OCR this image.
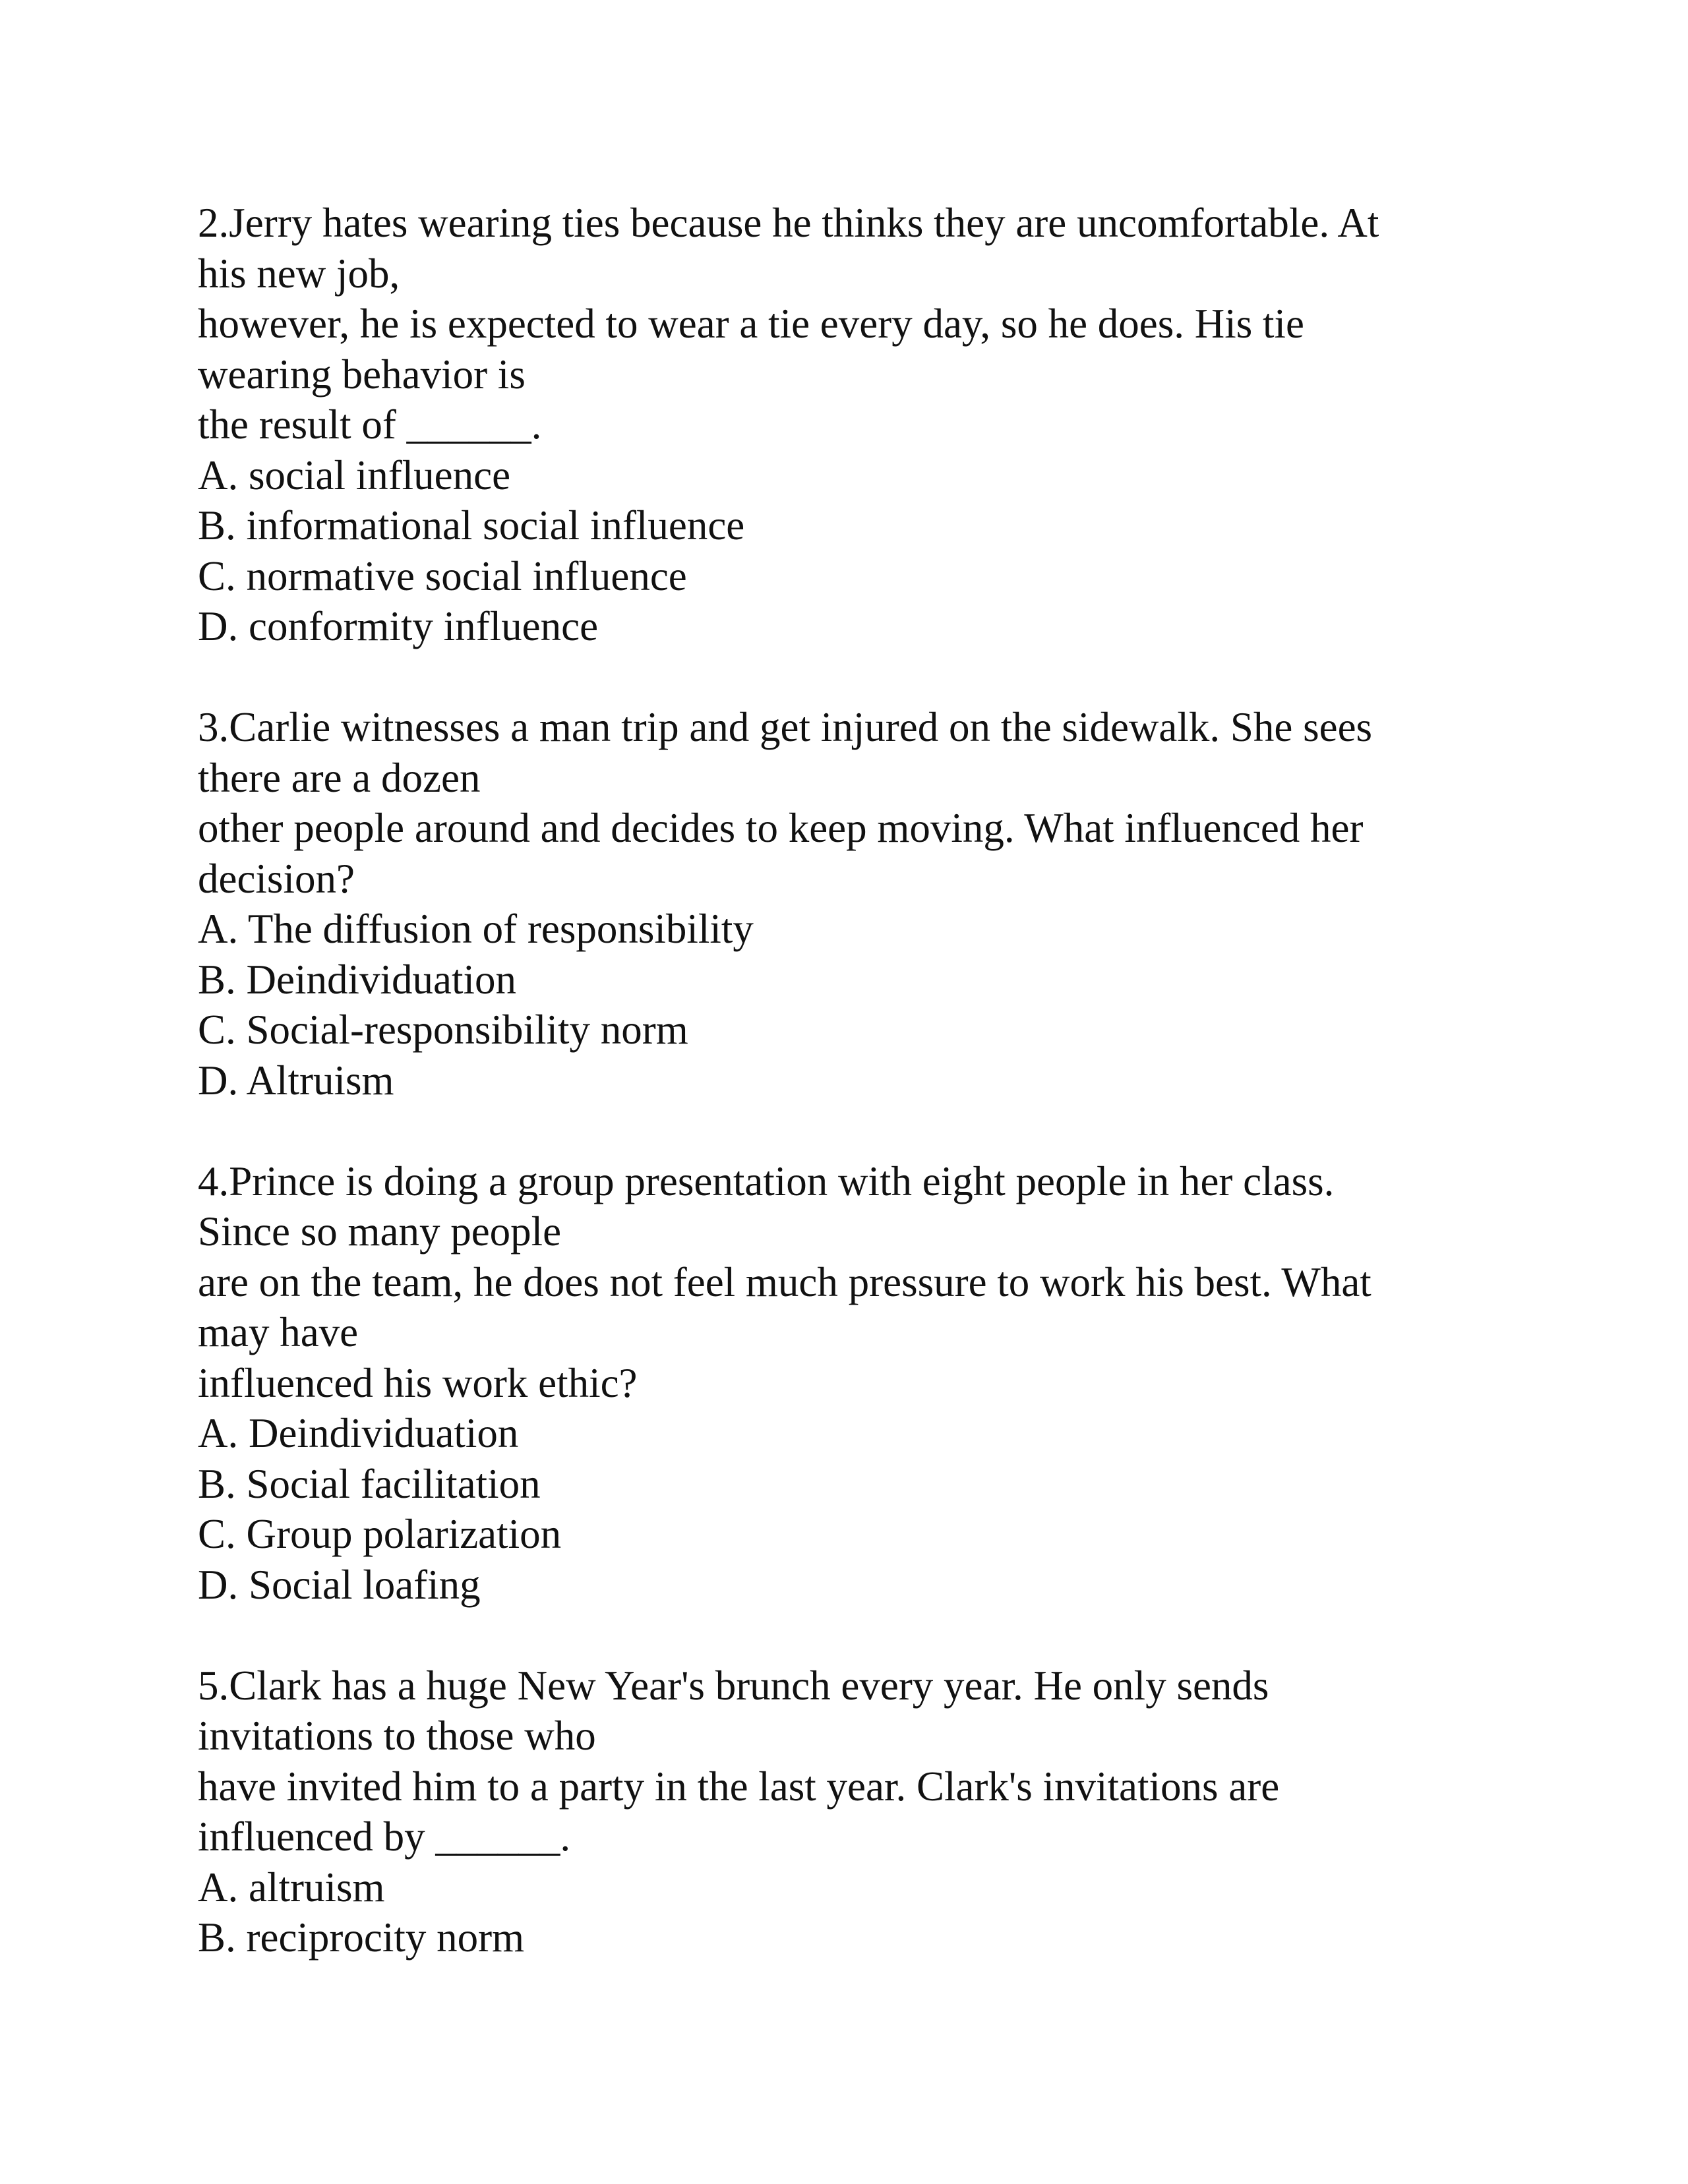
2.Jerry hates wearing ties because he thinks they are uncomfortable. At
his new job,
however, he is expected to wear a tie every day, so he does. His tie
wearing behavior is
the result of ______.
A. social influence
B. informational social influence
C. normative social influence
D. conformity influence
3.Carlie witnesses a man trip and get injured on the sidewalk. She sees
there are a dozen
other people around and decides to keep moving. What influenced her
decision?
A. The diffusion of responsibility
B. Deindividuation
C. Social-responsibility norm
D. Altruism
4.Prince is doing a group presentation with eight people in her class.
Since so many people
are on the team, he does not feel much pressure to work his best. What
may have
influenced his work ethic?
A. Deindividuation
B. Social facilitation
C. Group polarization
D. Social loafing
5.Clark has a huge New Year's brunch every year. He only sends
invitations to those who
have invited him to a party in the last year. Clark's invitations are
influenced by ______.
A. altruism
B. reciprocity norm
